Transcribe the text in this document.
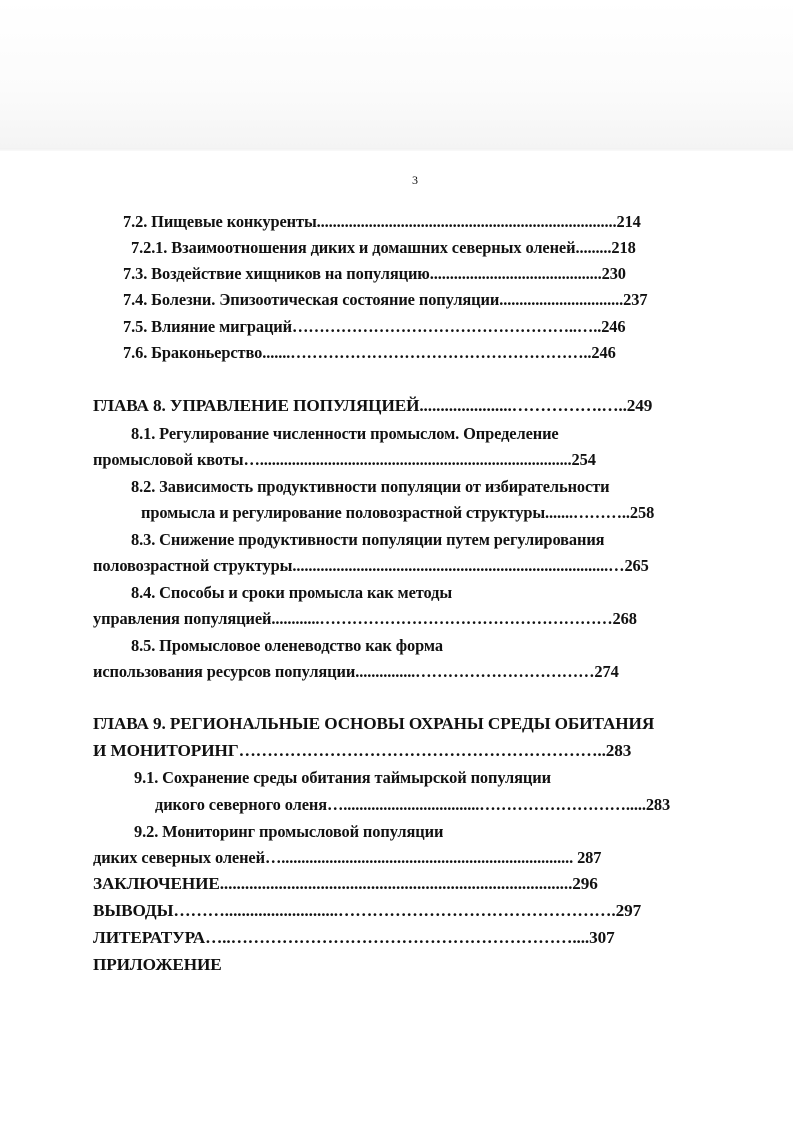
3
7.2. Пищевые конкуренты...........................................................................214
7.2.1. Взаимоотношения диких и домашних северных оленей.........218
7.3. Воздействие хищников на популяцию...........................................230
7.4. Болезни. Эпизоотическая состояние популяции...............................237
7.5. Влияние миграций……………………………………………..…..246
7.6. Браконьерство.......………………………………………………..246
ГЛАВА 8. УПРАВЛЕНИЕ ПОПУЛЯЦИЕЙ......................…………….…..249
8.1. Регулирование численности промыслом. Определение
промысловой квоты…..............................................................................254
8.2. Зависимость продуктивности популяции от избирательности
промысла и регулирование половозрастной структуры.......………..258
8.3. Снижение продуктивности популяции путем регулирования
половозрастной структуры...............................................................................…265
8.4. Способы и сроки промысла как методы
управления популяцией............………………………………………………268
8.5. Промысловое оленеводство как форма
использования ресурсов популяции...............……………………………274
ГЛАВА 9. РЕГИОНАЛЬНЫЕ ОСНОВЫ ОХРАНЫ СРЕДЫ ОБИТАНИЯ
И МОНИТОРИНГ………………………………………………………..283
9.1. Сохранение среды обитания таймырской популяции
дикого северного оленя…..................................……………………….....283
9.2. Мониторинг промысловой популяции
диких северных оленей…......................................................................... 287
ЗАКЛЮЧЕНИЕ....................................................................................296
ВЫВОДЫ………...........................………………………………………….297
ЛИТЕРАТУРА…..……………………………………………………....307
ПРИЛОЖЕНИЕ
